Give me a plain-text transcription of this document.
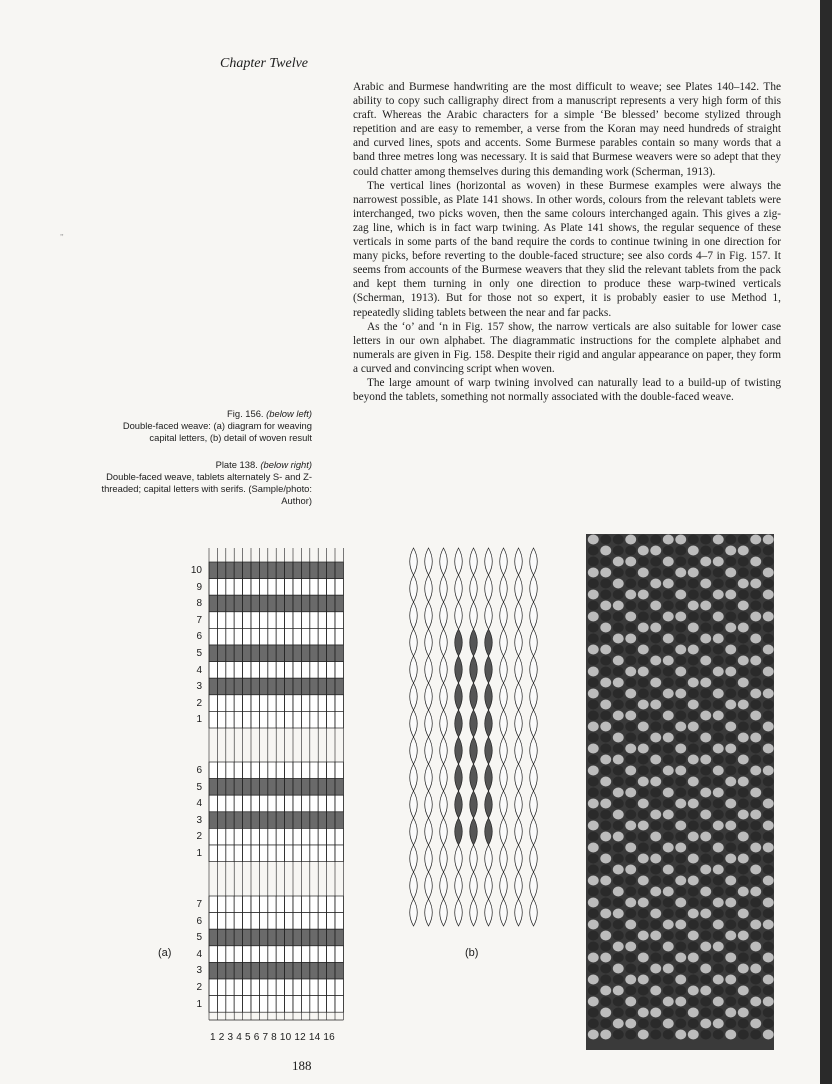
Chapter Twelve
„

Arabic and Burmese handwriting are the most difficult to weave; see Plates 140–142. The ability to copy such calligraphy direct from a manuscript represents a very high form of this craft. Whereas the Arabic characters for a simple ‘Be blessed’ become stylized through repetition and are easy to remember, a verse from the Koran may need hundreds of straight and curved lines, spots and accents. Some Burmese parables contain so many words that a band three metres long was necessary. It is said that Burmese weavers were so adept that they could chatter among themselves during this demanding work (Scherman, 1913).

The vertical lines (horizontal as woven) in these Burmese examples were always the narrowest possible, as Plate 141 shows. In other words, colours from the relevant tablets were interchanged, two picks woven, then the same colours interchanged again. This gives a zig-zag line, which is in fact warp twining. As Plate 141 shows, the regular sequence of these verticals in some parts of the band require the cords to continue twining in one direction for many picks, before reverting to the double-faced structure; see also cords 4–7 in Fig. 157. It seems from accounts of the Burmese weavers that they slid the relevant tablets from the pack and kept them turning in only one direction to produce these warp-twined verticals (Scherman, 1913). But for those not so expert, it is probably easier to use Method 1, repeatedly sliding tablets between the near and far packs.

As the ‘o’ and ‘n in Fig. 157 show, the narrow verticals are also suitable for lower case letters in our own alphabet. The diagrammatic instructions for the complete alphabet and numerals are given in Fig. 158. Despite their rigid and angular appearance on paper, they form a curved and convincing script when woven.

The large amount of warp twining involved can naturally lead to a build-up of twisting beyond the tablets, something not normally associated with the double-faced weave.

Fig. 156. (below left)
Double-faced weave: (a) diagram for weaving capital letters, (b) detail of woven result
Plate 138. (below right)
Double-faced weave, tablets alternately S- and Z-threaded; capital letters with serifs. (Sample/photo: Author)
10
9
8
7
6
5
4
3
2
1
6
5
4
3
2
1
7
6
5
4
3
2
1
1 2 3 4 5 6 7 8 10 12 14 16
(a)	(b)
188
